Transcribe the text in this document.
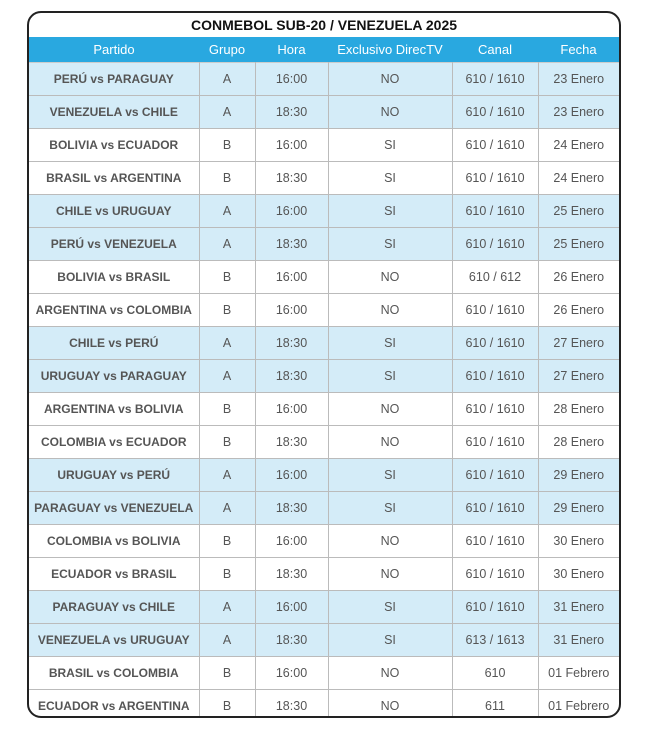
CONMEBOL SUB-20 / VENEZUELA 2025
Partido	Grupo	Hora	Exclusivo DirecTV	Canal	Fecha
PERÚ vs PARAGUAY	A	16:00	NO	610 / 1610	23 Enero
VENEZUELA vs CHILE	A	18:30	NO	610 / 1610	23 Enero
BOLIVIA vs ECUADOR	B	16:00	SI	610 / 1610	24 Enero
BRASIL vs ARGENTINA	B	18:30	SI	610 / 1610	24 Enero
CHILE vs URUGUAY	A	16:00	SI	610 / 1610	25 Enero
PERÚ vs VENEZUELA	A	18:30	SI	610 / 1610	25 Enero
BOLIVIA vs BRASIL	B	16:00	NO	610 / 612	26 Enero
ARGENTINA vs COLOMBIA	B	16:00	NO	610 / 1610	26 Enero
CHILE vs PERÚ	A	18:30	SI	610 / 1610	27 Enero
URUGUAY vs PARAGUAY	A	18:30	SI	610 / 1610	27 Enero
ARGENTINA vs BOLIVIA	B	16:00	NO	610 / 1610	28 Enero
COLOMBIA vs ECUADOR	B	18:30	NO	610 / 1610	28 Enero
URUGUAY vs PERÚ	A	16:00	SI	610 / 1610	29 Enero
PARAGUAY vs VENEZUELA	A	18:30	SI	610 / 1610	29 Enero
COLOMBIA vs BOLIVIA	B	16:00	NO	610 / 1610	30 Enero
ECUADOR vs BRASIL	B	18:30	NO	610 / 1610	30 Enero
PARAGUAY vs CHILE	A	16:00	SI	610 / 1610	31 Enero
VENEZUELA vs URUGUAY	A	18:30	SI	613 / 1613	31 Enero
BRASIL vs COLOMBIA	B	16:00	NO	610	01 Febrero
ECUADOR vs ARGENTINA	B	18:30	NO	611	01 Febrero
